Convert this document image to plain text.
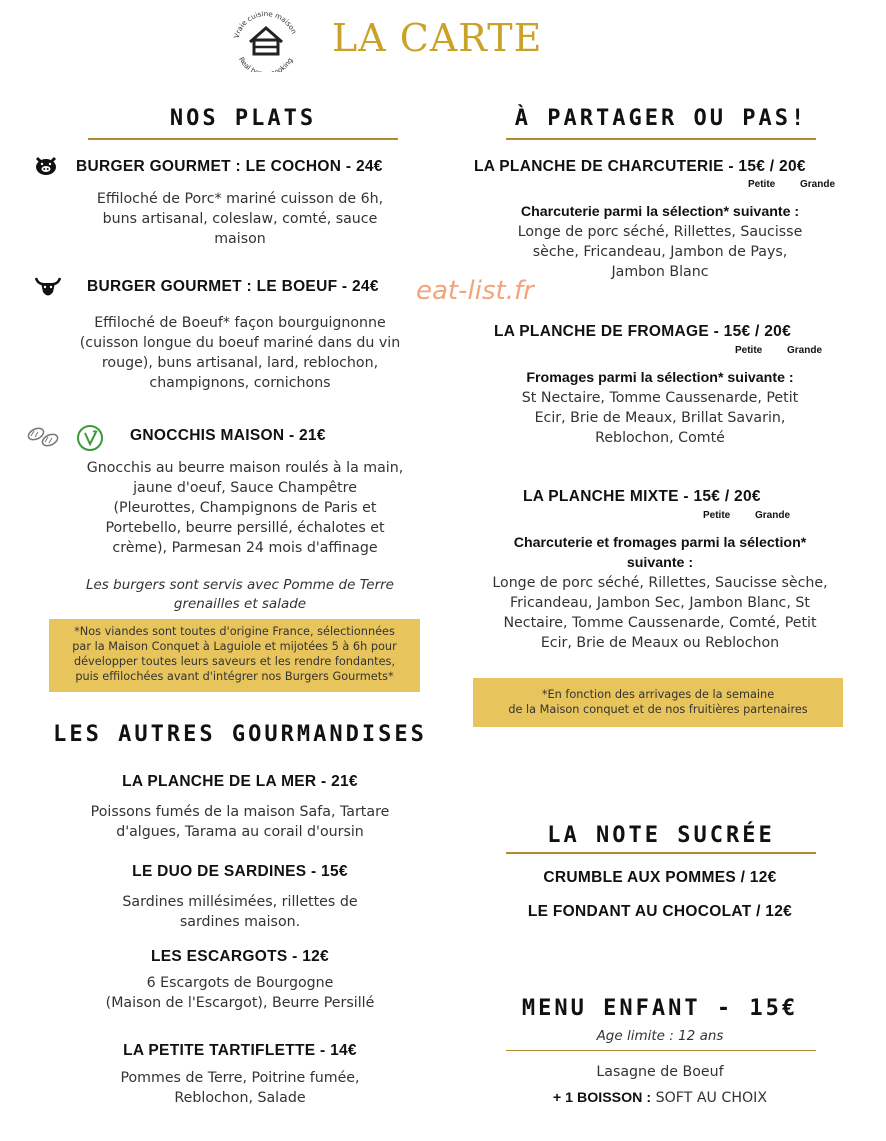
Vraie cuisine maison
Real h ooking
LA CARTE
eat-list.fr
NOS PLATS
BURGER GOURMET : LE COCHON - 24€
Effiloché de Porc* mariné cuisson de 6h,
buns artisanal, coleslaw, comté, sauce
maison
BURGER GOURMET : LE BOEUF - 24€
Effiloché de Boeuf* façon bourguignonne
(cuisson longue du boeuf mariné dans du vin
rouge), buns artisanal, lard, reblochon,
champignons, cornichons
GNOCCHIS MAISON - 21€
Gnocchis au beurre maison roulés à la main,
jaune d'oeuf, Sauce Champêtre
(Pleurottes, Champignons de Paris et
Portebello, beurre persillé, échalotes et
crème), Parmesan 24 mois d'affinage
Les burgers sont servis avec Pomme de Terre
grenailles et salade
*Nos viandes sont toutes d'origine France, sélectionnées
par la Maison Conquet à Laguiole et mijotées 5 à 6h pour
développer toutes leurs saveurs et les rendre fondantes,
puis effilochées avant d'intégrer nos Burgers Gourmets*
LES AUTRES GOURMANDISES
LA PLANCHE DE LA MER - 21€
Poissons fumés de la maison Safa, Tartare
d'algues, Tarama au corail d'oursin
LE DUO DE SARDINES - 15€
Sardines millésimées, rillettes de
sardines maison.
LES ESCARGOTS - 12€
6 Escargots de Bourgogne
(Maison de l'Escargot), Beurre Persillé
LA PETITE TARTIFLETTE - 14€
Pommes de Terre, Poitrine fumée,
Reblochon, Salade
À PARTAGER OU PAS!
LA PLANCHE DE CHARCUTERIE - 15€ / 20€
Petite Grande
Charcuterie parmi la sélection* suivante :
Longe de porc séché, Rillettes, Saucisse
sèche, Fricandeau, Jambon de Pays,
Jambon Blanc
LA PLANCHE DE FROMAGE - 15€ / 20€
Petite Grande
Fromages parmi la sélection* suivante :
St Nectaire, Tomme Caussenarde, Petit
Ecir, Brie de Meaux, Brillat Savarin,
Reblochon, Comté
LA PLANCHE MIXTE - 15€ / 20€
Petite Grande
Charcuterie et fromages parmi la sélection*
suivante :
Longe de porc séché, Rillettes, Saucisse sèche,
Fricandeau, Jambon Sec, Jambon Blanc, St
Nectaire, Tomme Caussenarde, Comté, Petit
Ecir, Brie de Meaux ou Reblochon
*En fonction des arrivages de la semaine
de la Maison conquet et de nos fruitières partenaires
LA NOTE SUCRÉE
CRUMBLE AUX POMMES / 12€
LE FONDANT AU CHOCOLAT / 12€
MENU ENFANT - 15€
Age limite : 12 ans
Lasagne de Boeuf
+ 1 BOISSON : SOFT AU CHOIX
